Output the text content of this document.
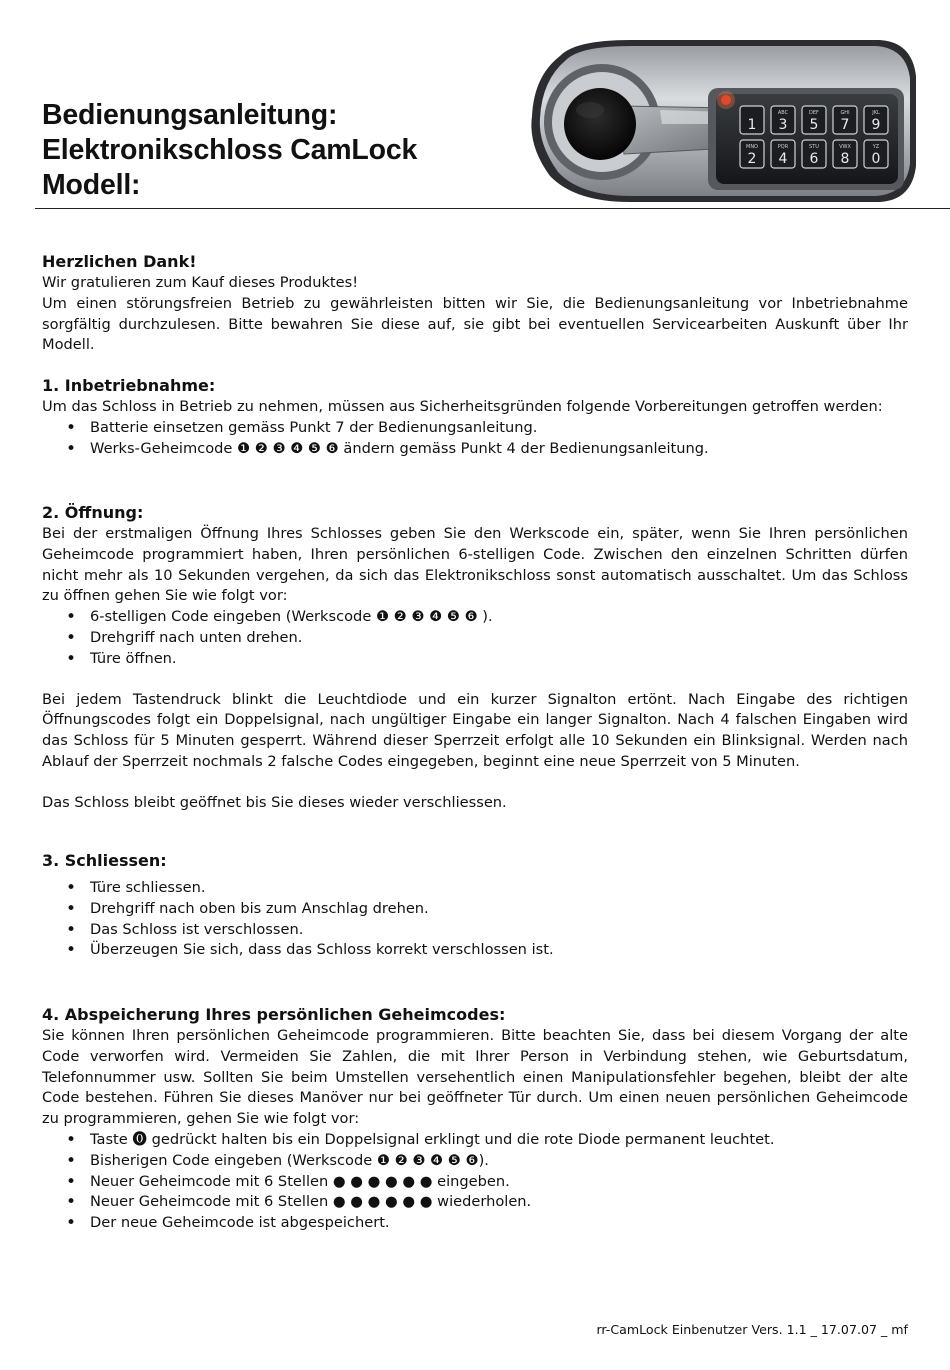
Bedienungsanleitung:
Elektronikschloss CamLock
Modell:
1
ABC
3
DEF
5
GHI
7
JKL
9
MNO
2
PQR
4
STU
6
VWX
8
YZ
0
Herzlichen Dank!
Wir gratulieren zum Kauf dieses Produktes!
Um einen störungsfreien Betrieb zu gewährleisten bitten wir Sie, die Bedienungsanleitung vor Inbetriebnahme sorgfältig durchzulesen. Bitte bewahren Sie diese auf, sie gibt bei eventuellen Servicearbeiten Auskunft über Ihr Modell.
1. Inbetriebnahme:
Um das Schloss in Betrieb zu nehmen, müssen aus Sicherheitsgründen folgende Vorbereitungen getroffen werden:
• Batterie einsetzen gemäss Punkt 7 der Bedienungsanleitung.
• Werks-Geheimcode ❶ ❷ ❸ ❹ ❺ ❻ ändern gemäss Punkt 4 der Bedienungsanleitung.
2. Öffnung:
Bei der erstmaligen Öffnung Ihres Schlosses geben Sie den Werkscode ein, später, wenn Sie Ihren persönlichen Geheimcode programmiert haben, Ihren persönlichen 6-stelligen Code. Zwischen den einzelnen Schritten dürfen nicht mehr als 10 Sekunden vergehen, da sich das Elektronikschloss sonst automatisch ausschaltet. Um das Schloss zu öffnen gehen Sie wie folgt vor:
• 6-stelligen Code eingeben (Werkscode ❶ ❷ ❸ ❹ ❺ ❻ ).
• Drehgriff nach unten drehen.
• Türe öffnen.
Bei jedem Tastendruck blinkt die Leuchtdiode und ein kurzer Signalton ertönt. Nach Eingabe des richtigen Öffnungscodes folgt ein Doppelsignal, nach ungültiger Eingabe ein langer Signalton. Nach 4 falschen Eingaben wird das Schloss für 5 Minuten gesperrt. Während dieser Sperrzeit erfolgt alle 10 Sekunden ein Blinksignal. Werden nach Ablauf der Sperrzeit nochmals 2 falsche Codes eingegeben, beginnt eine neue Sperrzeit von 5 Minuten.
Das Schloss bleibt geöffnet bis Sie dieses wieder verschliessen.
3. Schliessen:
• Türe schliessen.
• Drehgriff nach oben bis zum Anschlag drehen.
• Das Schloss ist verschlossen.
• Überzeugen Sie sich, dass das Schloss korrekt verschlossen ist.
4. Abspeicherung Ihres persönlichen Geheimcodes:
Sie können Ihren persönlichen Geheimcode programmieren. Bitte beachten Sie, dass bei diesem Vorgang der alte Code verworfen wird. Vermeiden Sie Zahlen, die mit Ihrer Person in Verbindung stehen, wie Geburtsdatum, Telefonnummer usw. Sollten Sie beim Umstellen versehentlich einen Manipulationsfehler begehen, bleibt der alte Code bestehen. Führen Sie dieses Manöver nur bei geöffneter Tür durch. Um einen neuen persönlichen Geheimcode zu programmieren, gehen Sie wie folgt vor:
• Taste ⓿ gedrückt halten bis ein Doppelsignal erklingt und die rote Diode permanent leuchtet.
• Bisherigen Code eingeben (Werkscode ❶ ❷ ❸ ❹ ❺ ❻).
• Neuer Geheimcode mit 6 Stellen ● ● ● ● ● ● eingeben.
• Neuer Geheimcode mit 6 Stellen ● ● ● ● ● ● wiederholen.
• Der neue Geheimcode ist abgespeichert.
rr-CamLock Einbenutzer Vers. 1.1 _ 17.07.07 _ mf
